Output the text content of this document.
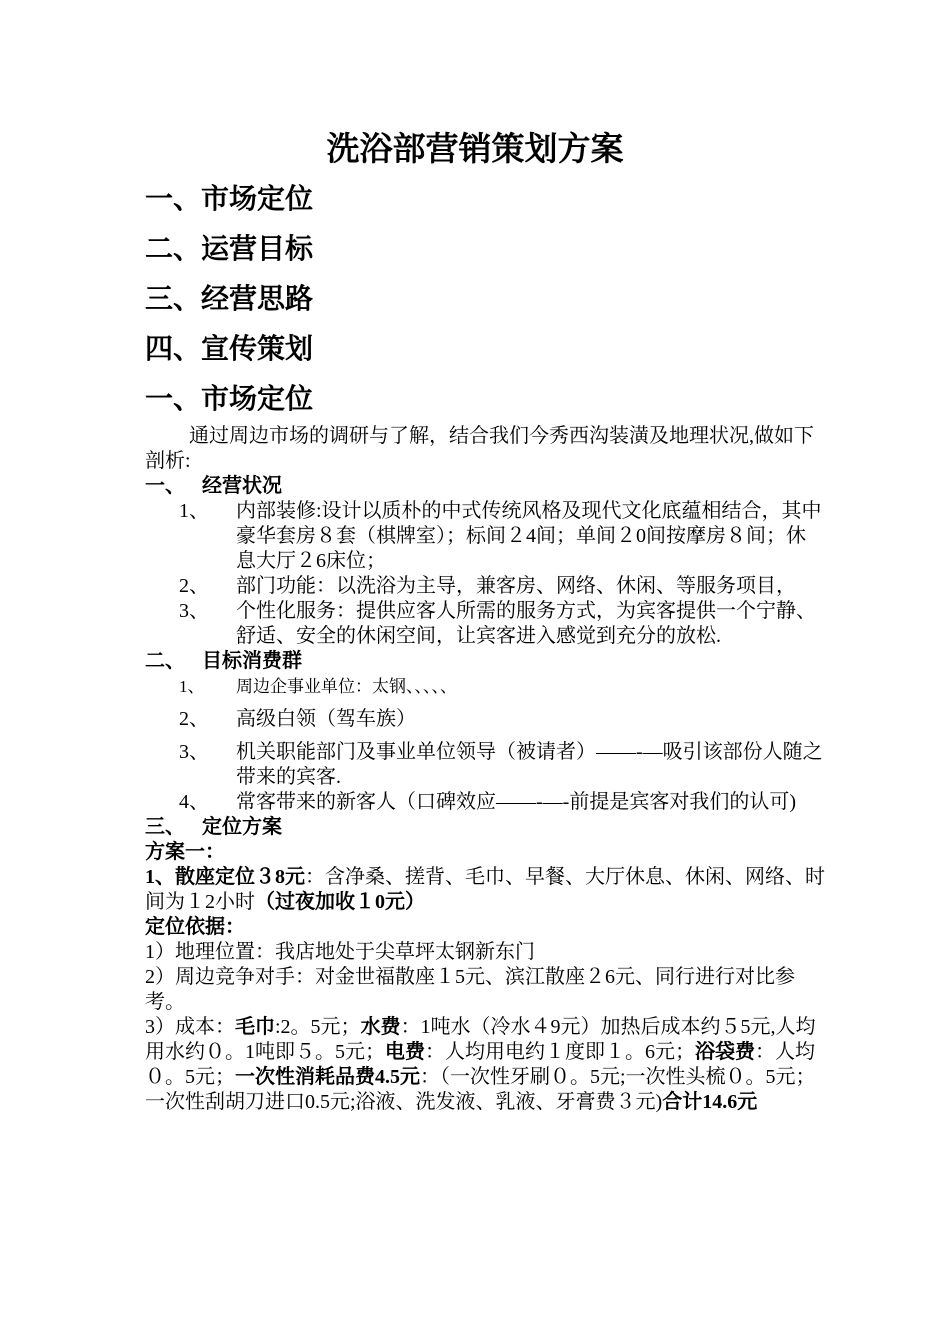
洗浴部营销策划方案
一、市场定位
二、运营目标
三、经营思路
四、宣传策划
一、市场定位

通过周边市场的调研与了解，结合我们今秀西沟装潢及地理状况,做如下剖析:

一、 经营状况
1、	内部装修:设计以质朴的中式传统风格及现代文化底蕴相结合，其中豪华套房８套（棋牌室）；标间２4间；单间２0间按摩房８间；休息大厅２6床位；
2、	部门功能：以洗浴为主导，兼客房、网络、休闲、等服务项目，
3、	个性化服务：提供应客人所需的服务方式，为宾客提供一个宁静、舒适、安全的休闲空间，让宾客进入感觉到充分的放松.
二、 目标消费群
1、	周边企事业单位：太钢、、、、、
2、	高级白领（驾车族）
3、	机关职能部门及事业单位领导（被请者）——-—吸引该部份人随之带来的宾客.
4、	常客带来的新客人（口碑效应——-—-前提是宾客对我们的认可)
三、 定位方案

方案一：

1、散座定位３8元：含净桑、搓背、毛巾、早餐、大厅休息、休闲、网络、时间为１2小时（过夜加收１0元）

定位依据：

1）地理位置：我店地处于尖草坪太钢新东门

2）周边竞争对手：对金世福散座１5元、滨江散座２6元、同行进行对比参考。

3）成本：毛巾:2。5元；水费：1吨水（冷水４9元）加热后成本约５5元,人均用水约０。1吨即５。5元；电费：人均用电约１度即１。6元；浴袋费：人均０。5元；一次性消耗品费4.5元：（一次性牙刷０。5元;一次性头梳０。5元；一次性刮胡刀进口0.5元;浴液、洗发液、乳液、牙膏费３元)合计14.6元
